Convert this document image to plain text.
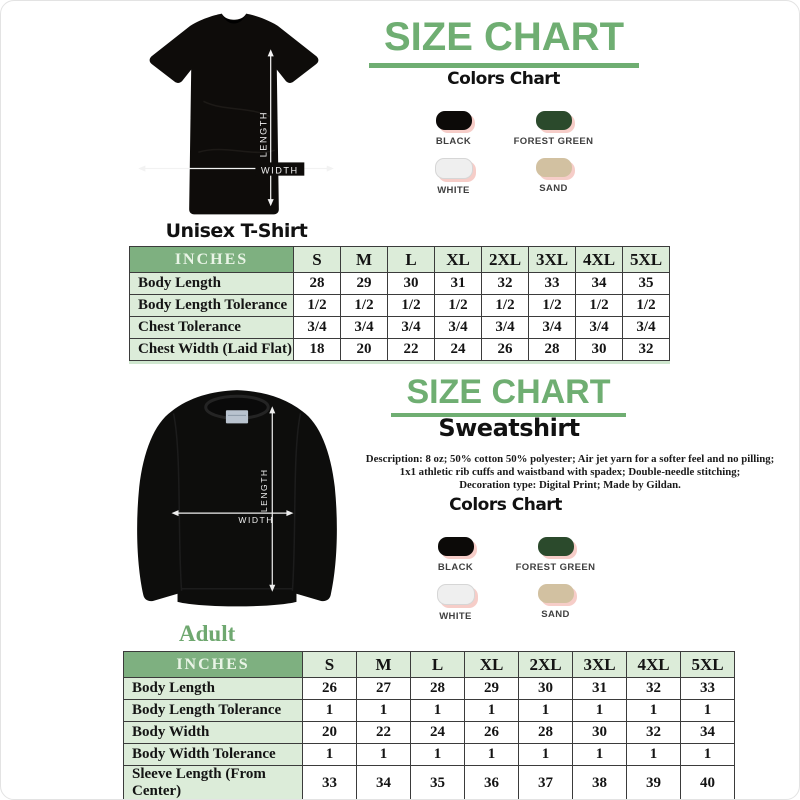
LENGTH
WIDTH
Unisex T-Shirt
SIZE CHART
Colors Chart
BLACK	FOREST GREEN
WHITE	SAND
INCHES	S	M	L	XL	2XL	3XL	4XL	5XL
Body Length	28	29	30	31	32	33	34	35
Body Length Tolerance	1/2	1/2	1/2	1/2	1/2	1/2	1/2	1/2
Chest Tolerance	3/4	3/4	3/4	3/4	3/4	3/4	3/4	3/4
Chest Width (Laid Flat)	18	20	22	24	26	28	30	32
LENGTH
WIDTH
SIZE CHART
Sweatshirt
Description: 8 oz; 50% cotton 50% polyester; Air jet yarn for a softer feel and no pilling;
1x1 athletic rib cuffs and waistband with spadex; Double-needle stitching;
Decoration type: Digital Print; Made by Gildan.
Colors Chart
BLACK	FOREST GREEN
WHITE	SAND
Adult
INCHES	S	M	L	XL	2XL	3XL	4XL	5XL
Body Length	26	27	28	29	30	31	32	33
Body Length Tolerance	1	1	1	1	1	1	1	1
Body Width	20	22	24	26	28	30	32	34
Body Width Tolerance	1	1	1	1	1	1	1	1
Sleeve Length (From Center)	33	34	35	36	37	38	39	40
